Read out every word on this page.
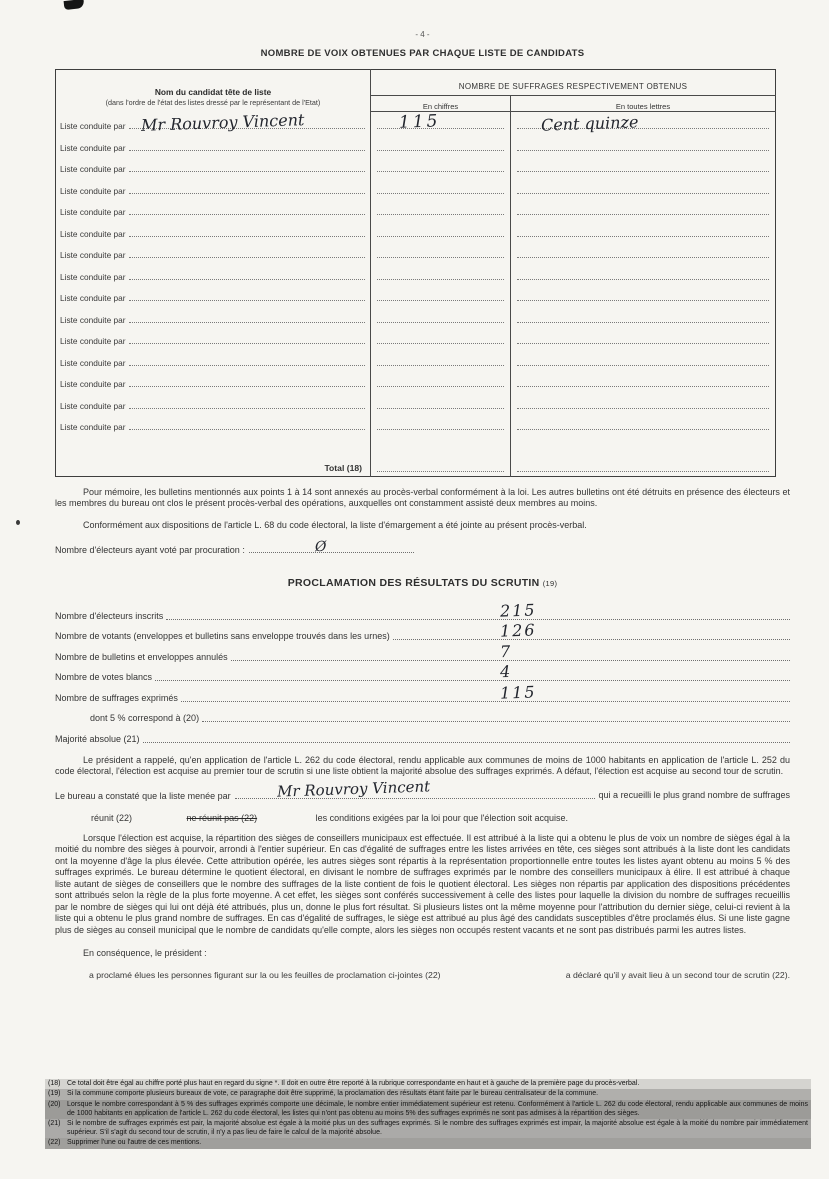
- 4 -
NOMBRE DE VOIX OBTENUES PAR CHAQUE LISTE DE CANDIDATS
Nom du candidat tête de liste
(dans l'ordre de l'état des listes dressé par le représentant de l'Etat)	NOMBRE DE SUFFRAGES RESPECTIVEMENT OBTENUS	
	En chiffres	En toutes lettres

Liste conduite par Mr Rouvroy Vincent	115	Cent quinze

Liste conduite par		

Liste conduite par		

Liste conduite par		

Liste conduite par		

Liste conduite par		

Liste conduite par		

Liste conduite par		

Liste conduite par		

Liste conduite par		

Liste conduite par		

Liste conduite par		

Liste conduite par		

Liste conduite par		

Liste conduite par		

Total (18)		

Pour mémoire, les bulletins mentionnés aux points 1 à 14 sont annexés au procès-verbal conformément à la loi. Les autres bulletins ont été détruits en présence des électeurs et les membres du bureau ont clos le présent procès-verbal des opérations, auxquelles ont constamment assisté deux membres au moins.

Conformément aux dispositions de l'article L. 68 du code électoral, la liste d'émargement a été jointe au présent procès-verbal.

Nombre d'électeurs ayant voté par procuration :	Ø
PROCLAMATION DES RÉSULTATS DU SCRUTIN (19)
Nombre d'électeurs inscrits	215
Nombre de votants (enveloppes et bulletins sans enveloppe trouvés dans les urnes)	126
Nombre de bulletins et enveloppes annulés	7
Nombre de votes blancs	4
Nombre de suffrages exprimés	115
dont 5 % correspond à (20)
Majorité absolue (21)

Le président a rappelé, qu'en application de l'article L. 262 du code électoral, rendu applicable aux communes de moins de 1000 habitants en application de l'article L. 252 du code électoral, l'élection est acquise au premier tour de scrutin si une liste obtient la majorité absolue des suffrages exprimés. A défaut, l'élection est acquise au second tour de scrutin.

Le bureau a constaté que la liste menée par	Mr Rouvroy Vincent	qui a recueilli le plus grand nombre de suffrages
réunit (22)	ne réunit pas (22)	les conditions exigées par la loi pour que l'élection soit acquise.

Lorsque l'élection est acquise, la répartition des sièges de conseillers municipaux est effectuée. Il est attribué à la liste qui a obtenu le plus de voix un nombre de sièges égal à la moitié du nombre des sièges à pourvoir, arrondi à l'entier supérieur. En cas d'égalité de suffrages entre les listes arrivées en tête, ces sièges sont attribués à la liste dont les candidats ont la moyenne d'âge la plus élevée. Cette attribution opérée, les autres sièges sont répartis à la représentation proportionnelle entre toutes les listes ayant obtenu au moins 5 % des suffrages exprimés. Le bureau détermine le quotient électoral, en divisant le nombre de suffrages exprimés par le nombre des conseillers municipaux à élire. Il est attribué à chaque liste autant de sièges de conseillers que le nombre des suffrages de la liste contient de fois le quotient électoral. Les sièges non répartis par application des dispositions précédentes sont attribués selon la règle de la plus forte moyenne. A cet effet, les sièges sont conférés successivement à celle des listes pour laquelle la division du nombre de suffrages recueillis par le nombre de sièges qui lui ont déjà été attribués, plus un, donne le plus fort résultat. Si plusieurs listes ont la même moyenne pour l'attribution du dernier siège, celui-ci revient à la liste qui a obtenu le plus grand nombre de suffrages. En cas d'égalité de suffrages, le siège est attribué au plus âgé des candidats susceptibles d'être proclamés élus. Si une liste gagne plus de sièges au conseil municipal que le nombre de candidats qu'elle compte, alors les sièges non occupés restent vacants et ne sont pas distribués parmi les autres listes.

En conséquence, le président :
a proclamé élues les personnes figurant sur la ou les feuilles de proclamation ci-jointes (22)	a déclaré qu'il y avait lieu à un second tour de scrutin (22).
(18) Ce total doit être égal au chiffre porté plus haut en regard du signe *. Il doit en outre être reporté à la rubrique correspondante en haut et à gauche de la première page du procès-verbal.
(19) Si la commune comporte plusieurs bureaux de vote, ce paragraphe doit être supprimé, la proclamation des résultats étant faite par le bureau centralisateur de la commune.
(20) Lorsque le nombre correspondant à 5 % des suffrages exprimés comporte une décimale, le nombre entier immédiatement supérieur est retenu. Conformément à l'article L. 262 du code électoral, rendu applicable aux communes de moins de 1000 habitants en application de l'article L. 262 du code électoral, les listes qui n'ont pas obtenu au moins 5% des suffrages exprimés ne sont pas admises à la répartition des sièges.
(21) Si le nombre de suffrages exprimés est pair, la majorité absolue est égale à la moitié plus un des suffrages exprimés. Si le nombre des suffrages exprimés est impair, la majorité absolue est égale à la moitié du nombre pair immédiatement supérieur. S'il s'agit du second tour de scrutin, il n'y a pas lieu de faire le calcul de la majorité absolue.
(22) Supprimer l'une ou l'autre de ces mentions.
